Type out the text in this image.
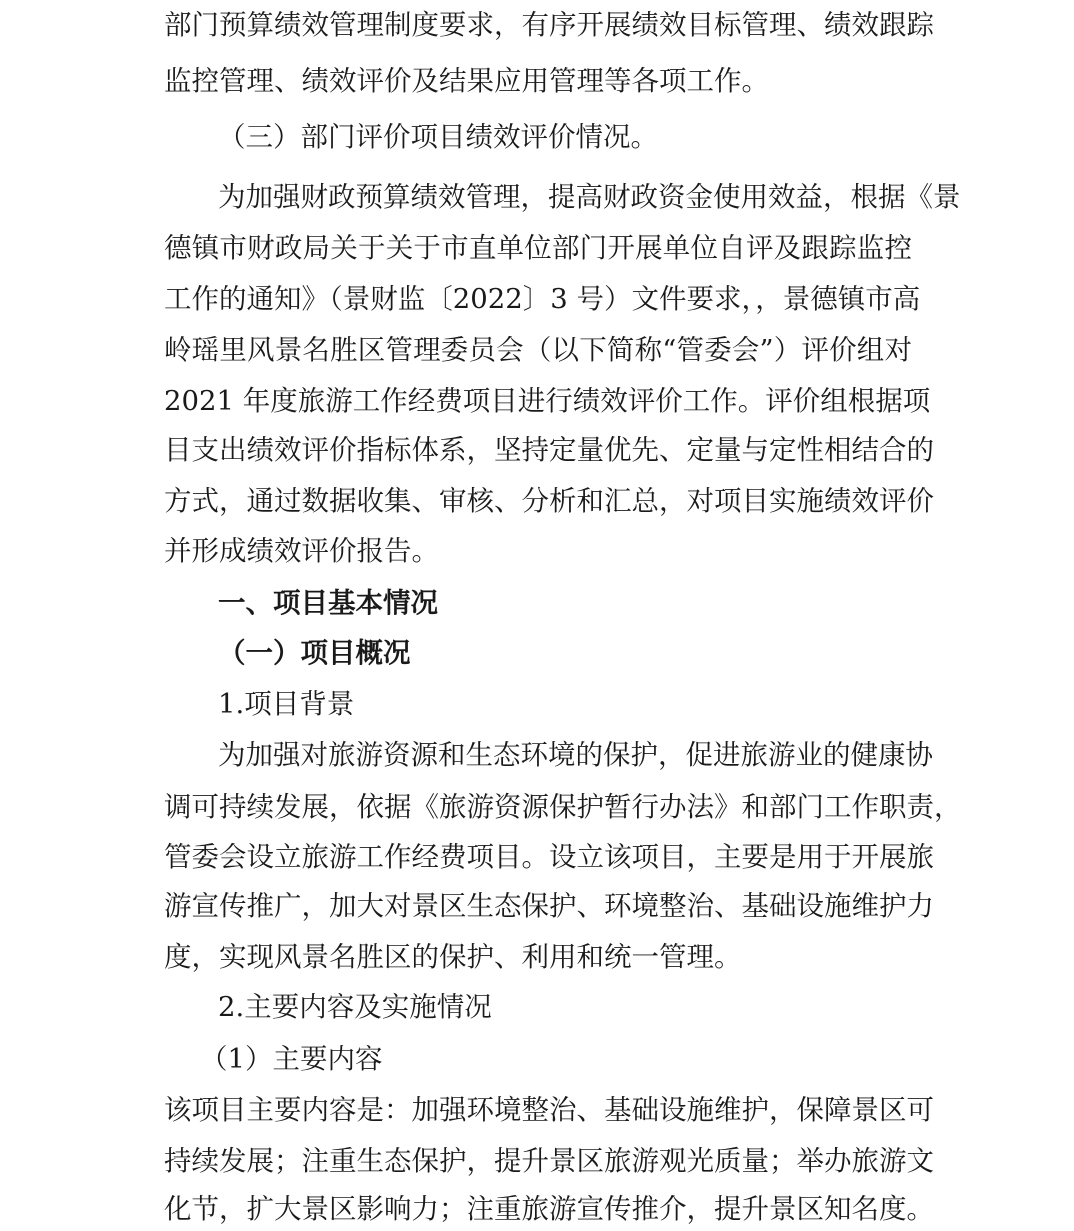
部门预算绩效管理制度要求，有序开展绩效目标管理、绩效跟踪

监控管理、绩效评价及结果应用管理等各项工作。

（三）部门评价项目绩效评价情况。

为加强财政预算绩效管理，提高财政资金使用效益，根据《景

德镇市财政局关于关于市直单位部门开展单位自评及跟踪监控

工作的通知》（景财监〔2022〕3 号）文件要求，，景德镇市高

岭瑶里风景名胜区管理委员会（以下简称“管委会”）评价组对

2021 年度旅游工作经费项目进行绩效评价工作。评价组根据项

目支出绩效评价指标体系，坚持定量优先、定量与定性相结合的

方式，通过数据收集、审核、分析和汇总，对项目实施绩效评价

并形成绩效评价报告。

一、项目基本情况

（一）项目概况

1.项目背景

为加强对旅游资源和生态环境的保护，促进旅游业的健康协

调可持续发展，依据《旅游资源保护暂行办法》和部门工作职责，

管委会设立旅游工作经费项目。设立该项目，主要是用于开展旅

游宣传推广，加大对景区生态保护、环境整治、基础设施维护力

度，实现风景名胜区的保护、利用和统一管理。

2.主要内容及实施情况

（1）主要内容

该项目主要内容是：加强环境整治、基础设施维护，保障景区可

持续发展；注重生态保护，提升景区旅游观光质量；举办旅游文

化节，扩大景区影响力；注重旅游宣传推介，提升景区知名度。
